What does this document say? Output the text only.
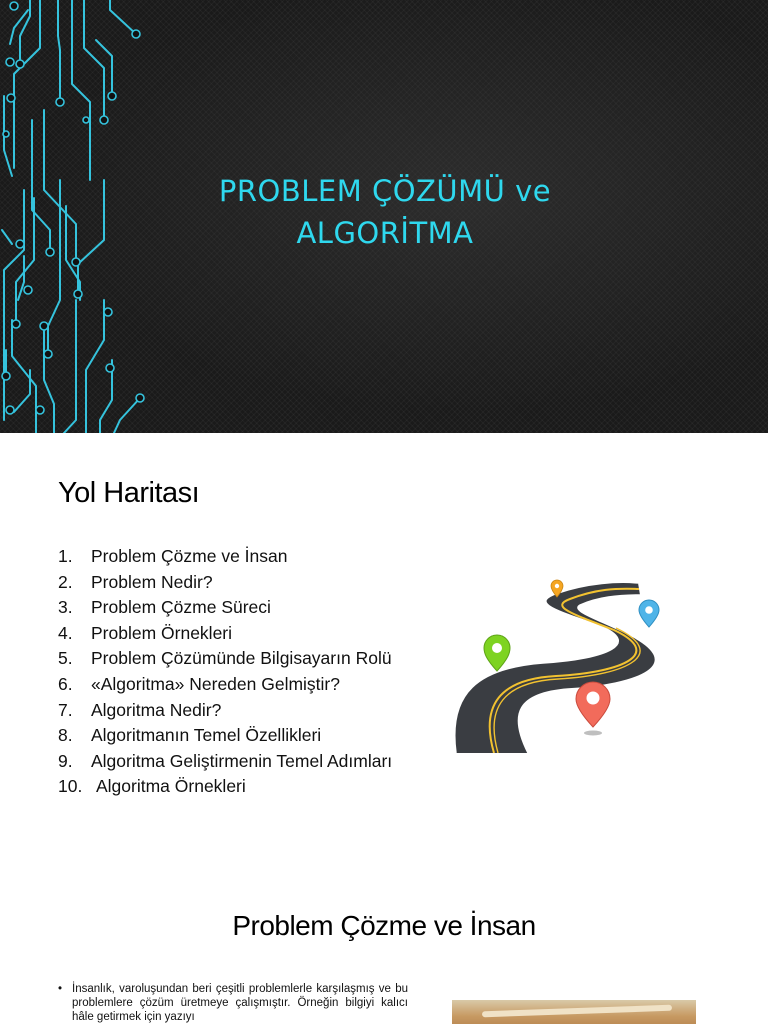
PROBLEM ÇÖZÜMÜ ve
ALGORİTMA
Yol Haritası
1. Problem Çözme ve İnsan
2. Problem Nedir?
3. Problem Çözme Süreci
4. Problem Örnekleri
5. Problem Çözümünde Bilgisayarın Rolü
6. «Algoritma» Nereden Gelmiştir?
7. Algoritma Nedir?
8. Algoritmanın Temel Özellikleri
9. Algoritma Geliştirmenin Temel Adımları
10. Algoritma Örnekleri
Problem Çözme ve İnsan
• İnsanlık, varoluşundan beri çeşitli problemlerle karşılaşmış ve bu problemlere çözüm üretmeye çalışmıştır. Örneğin bilgiyi kalıcı hâle getirmek için yazıyı
